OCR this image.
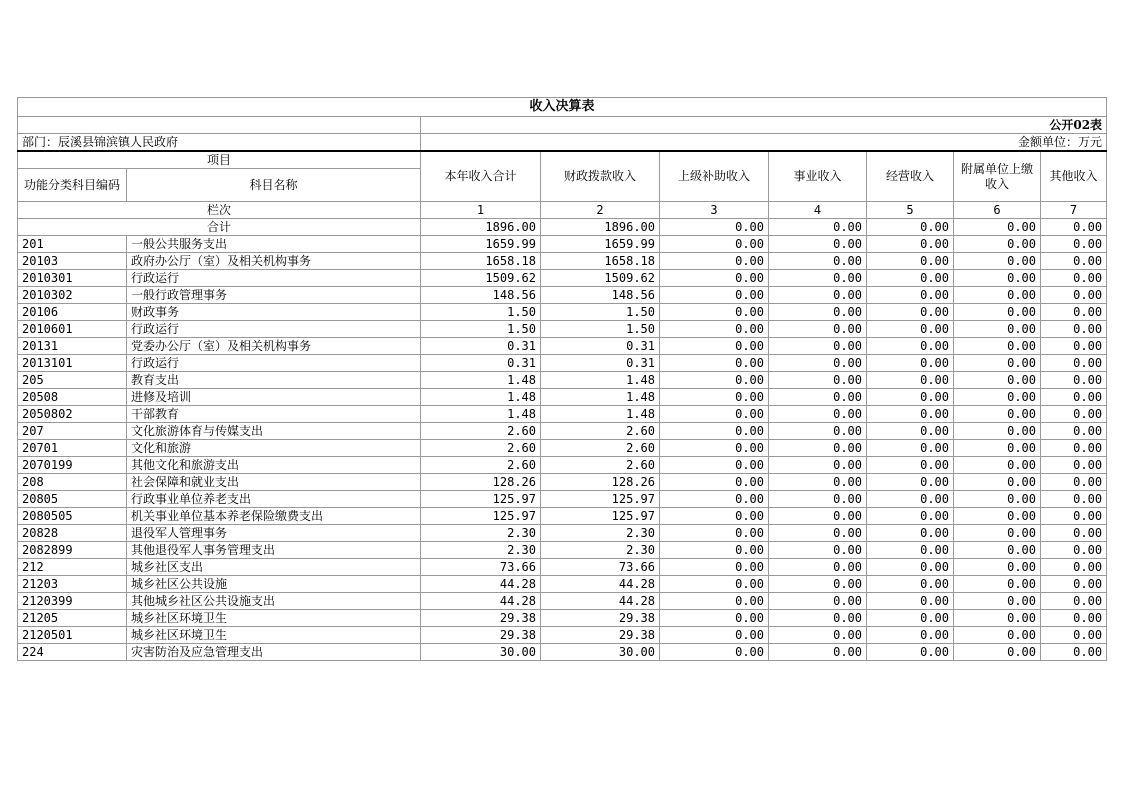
收入决算表								
		公开02表						
部门：辰溪县锦滨镇人民政府		金额单位：万元						
项目		本年收入合计	财政拨款收入	上级补助收入	事业收入	经营收入	附属单位上缴收入	其他收入
功能分类科目编码	科目名称							
栏次		1	2	3	4	5	6	7
合计		1896.00	1896.00	0.00	0.00	0.00	0.00	0.00
201	一般公共服务支出	1659.99	1659.99	0.00	0.00	0.00	0.00	0.00
20103	政府办公厅（室）及相关机构事务	1658.18	1658.18	0.00	0.00	0.00	0.00	0.00
2010301	行政运行	1509.62	1509.62	0.00	0.00	0.00	0.00	0.00
2010302	一般行政管理事务	148.56	148.56	0.00	0.00	0.00	0.00	0.00
20106	财政事务	1.50	1.50	0.00	0.00	0.00	0.00	0.00
2010601	行政运行	1.50	1.50	0.00	0.00	0.00	0.00	0.00
20131	党委办公厅（室）及相关机构事务	0.31	0.31	0.00	0.00	0.00	0.00	0.00
2013101	行政运行	0.31	0.31	0.00	0.00	0.00	0.00	0.00
205	教育支出	1.48	1.48	0.00	0.00	0.00	0.00	0.00
20508	进修及培训	1.48	1.48	0.00	0.00	0.00	0.00	0.00
2050802	干部教育	1.48	1.48	0.00	0.00	0.00	0.00	0.00
207	文化旅游体育与传媒支出	2.60	2.60	0.00	0.00	0.00	0.00	0.00
20701	文化和旅游	2.60	2.60	0.00	0.00	0.00	0.00	0.00
2070199	其他文化和旅游支出	2.60	2.60	0.00	0.00	0.00	0.00	0.00
208	社会保障和就业支出	128.26	128.26	0.00	0.00	0.00	0.00	0.00
20805	行政事业单位养老支出	125.97	125.97	0.00	0.00	0.00	0.00	0.00
2080505	机关事业单位基本养老保险缴费支出	125.97	125.97	0.00	0.00	0.00	0.00	0.00
20828	退役军人管理事务	2.30	2.30	0.00	0.00	0.00	0.00	0.00
2082899	其他退役军人事务管理支出	2.30	2.30	0.00	0.00	0.00	0.00	0.00
212	城乡社区支出	73.66	73.66	0.00	0.00	0.00	0.00	0.00
21203	城乡社区公共设施	44.28	44.28	0.00	0.00	0.00	0.00	0.00
2120399	其他城乡社区公共设施支出	44.28	44.28	0.00	0.00	0.00	0.00	0.00
21205	城乡社区环境卫生	29.38	29.38	0.00	0.00	0.00	0.00	0.00
2120501	城乡社区环境卫生	29.38	29.38	0.00	0.00	0.00	0.00	0.00
224	灾害防治及应急管理支出	30.00	30.00	0.00	0.00	0.00	0.00	0.00
